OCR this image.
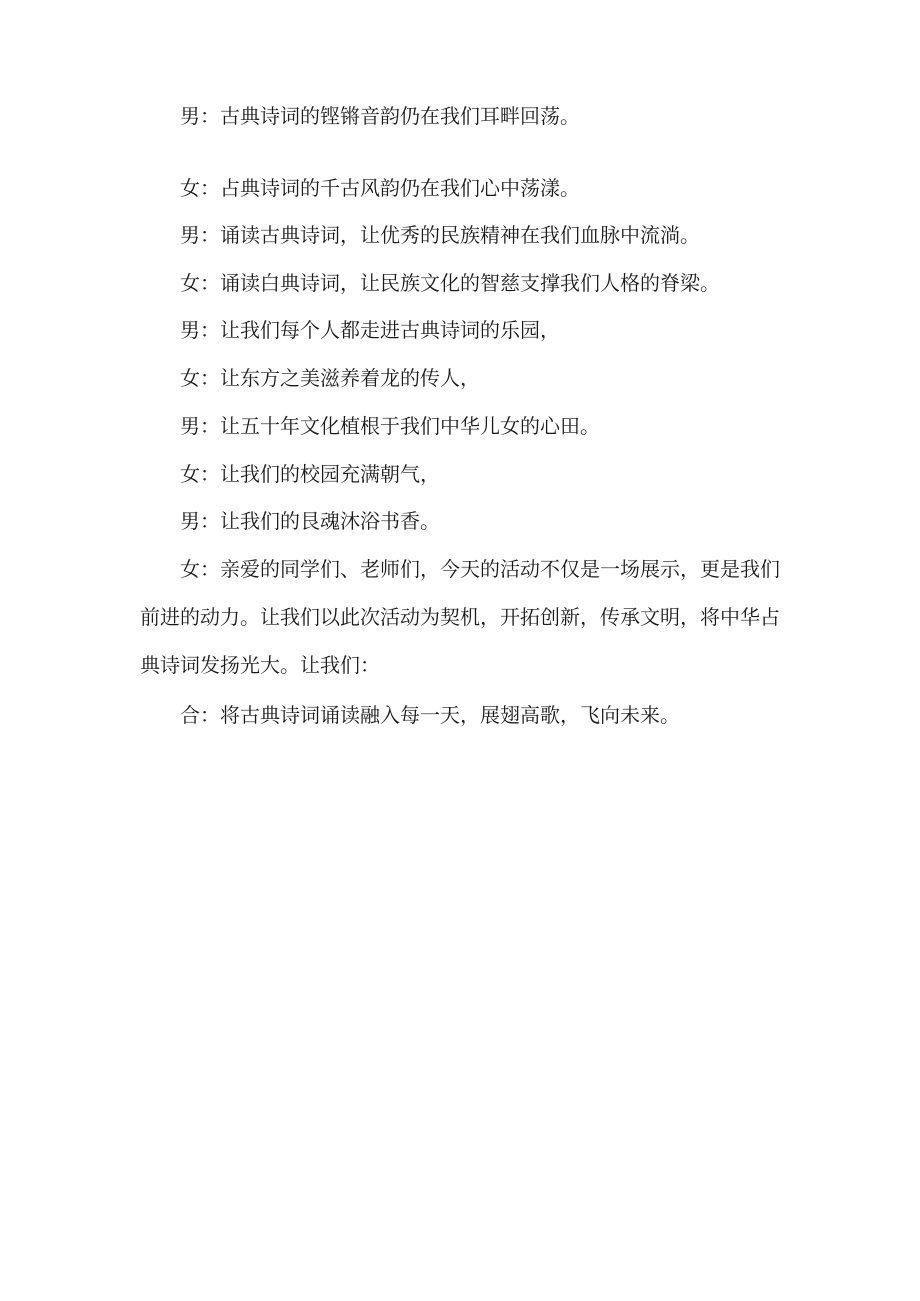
男：古典诗词的铿锵音韵仍在我们耳畔回荡。

女：占典诗词的千古风韵仍在我们心中荡漾。

男：诵读古典诗词，让优秀的民族精神在我们血脉中流淌。

女：诵读白典诗词，让民族文化的智慈支撑我们人格的脊梁。

男：让我们每个人都走进古典诗词的乐园，

女：让东方之美滋养着龙的传人，

男：让五十年文化植根于我们中华儿女的心田。

女：让我们的校园充满朝气，

男：让我们的艮魂沐浴书香。

女：亲爱的同学们、老师们，今天的活动不仅是一场展示，更是我们

前进的动力。让我们以此次活动为契机，开拓创新，传承文明，将中华占

典诗词发扬光大。让我们：

合：将古典诗词诵读融入每一天，展翅高歌，飞向未来。
